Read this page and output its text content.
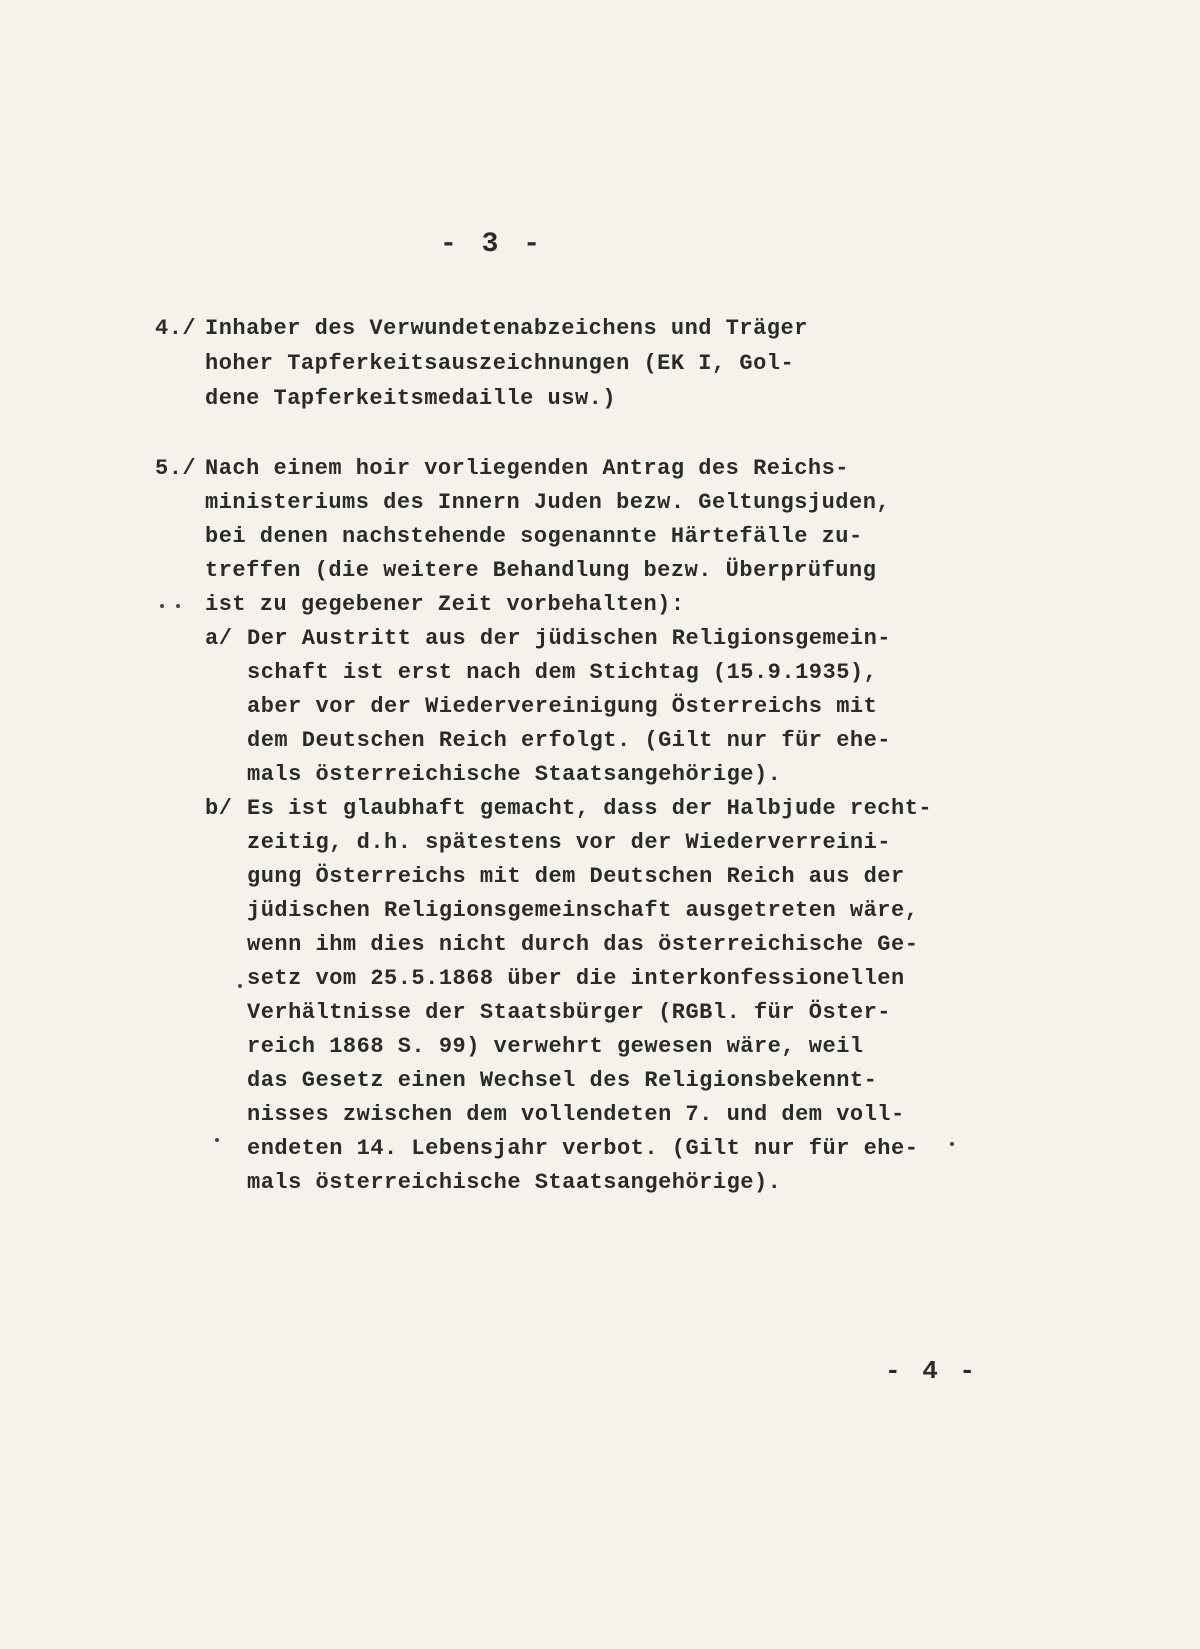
- 3 -
4./ Inhaber des Verwundetenabzeichens und Träger
hoher Tapferkeitsauszeichnungen (EK I, Gol-
dene Tapferkeitsmedaille usw.)
5./ Nach einem hoir vorliegenden Antrag des Reichs-
ministeriums des Innern Juden bezw. Geltungsjuden,
bei denen nachstehende sogenannte Härtefälle zu-
treffen (die weitere Behandlung bezw. Überprüfung
ist zu gegebener Zeit vorbehalten):
a/ Der Austritt aus der jüdischen Religionsgemein-
schaft ist erst nach dem Stichtag (15.9.1935),
aber vor der Wiedervereinigung Österreichs mit
dem Deutschen Reich erfolgt. (Gilt nur für ehe-
mals österreichische Staatsangehörige).
b/ Es ist glaubhaft gemacht, dass der Halbjude recht-
zeitig, d.h. spätestens vor der Wiederverreini-
gung Österreichs mit dem Deutschen Reich aus der
jüdischen Religionsgemeinschaft ausgetreten wäre,
wenn ihm dies nicht durch das österreichische Ge-
setz vom 25.5.1868 über die interkonfessionellen
Verhältnisse der Staatsbürger (RGBl. für Öster-
reich 1868 S. 99) verwehrt gewesen wäre, weil
das Gesetz einen Wechsel des Religionsbekennt-
nisses zwischen dem vollendeten 7. und dem voll-
endeten 14. Lebensjahr verbot. (Gilt nur für ehe-
mals österreichische Staatsangehörige).
- 4 -
